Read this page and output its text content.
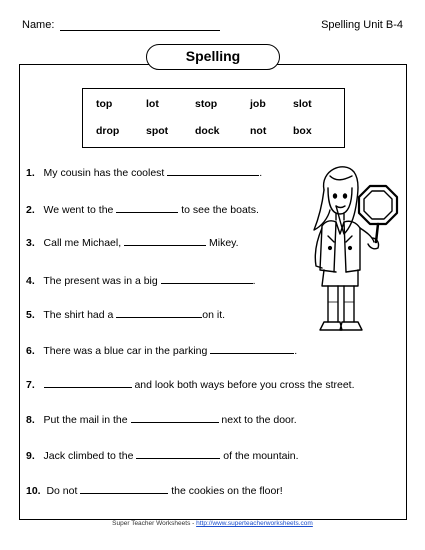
Name:	Spelling Unit B-4
Spelling
top	lot	stop	job	slot
drop	spot	dock	not	box
1. My cousin has the coolest	.
2. We went to the	to see the boats.
3. Call me Michael,	Mikey.
4. The present was in a big	.
5. The shirt had a	on it.
6. There was a blue car in the parking	.
7.	and look both ways before you cross the street.
8. Put the mail in the	next to the door.
9. Jack climbed to the	of the mountain.
10. Do not	the cookies on the floor!
Super Teacher Worksheets - http://www.superteacherworksheets.com
